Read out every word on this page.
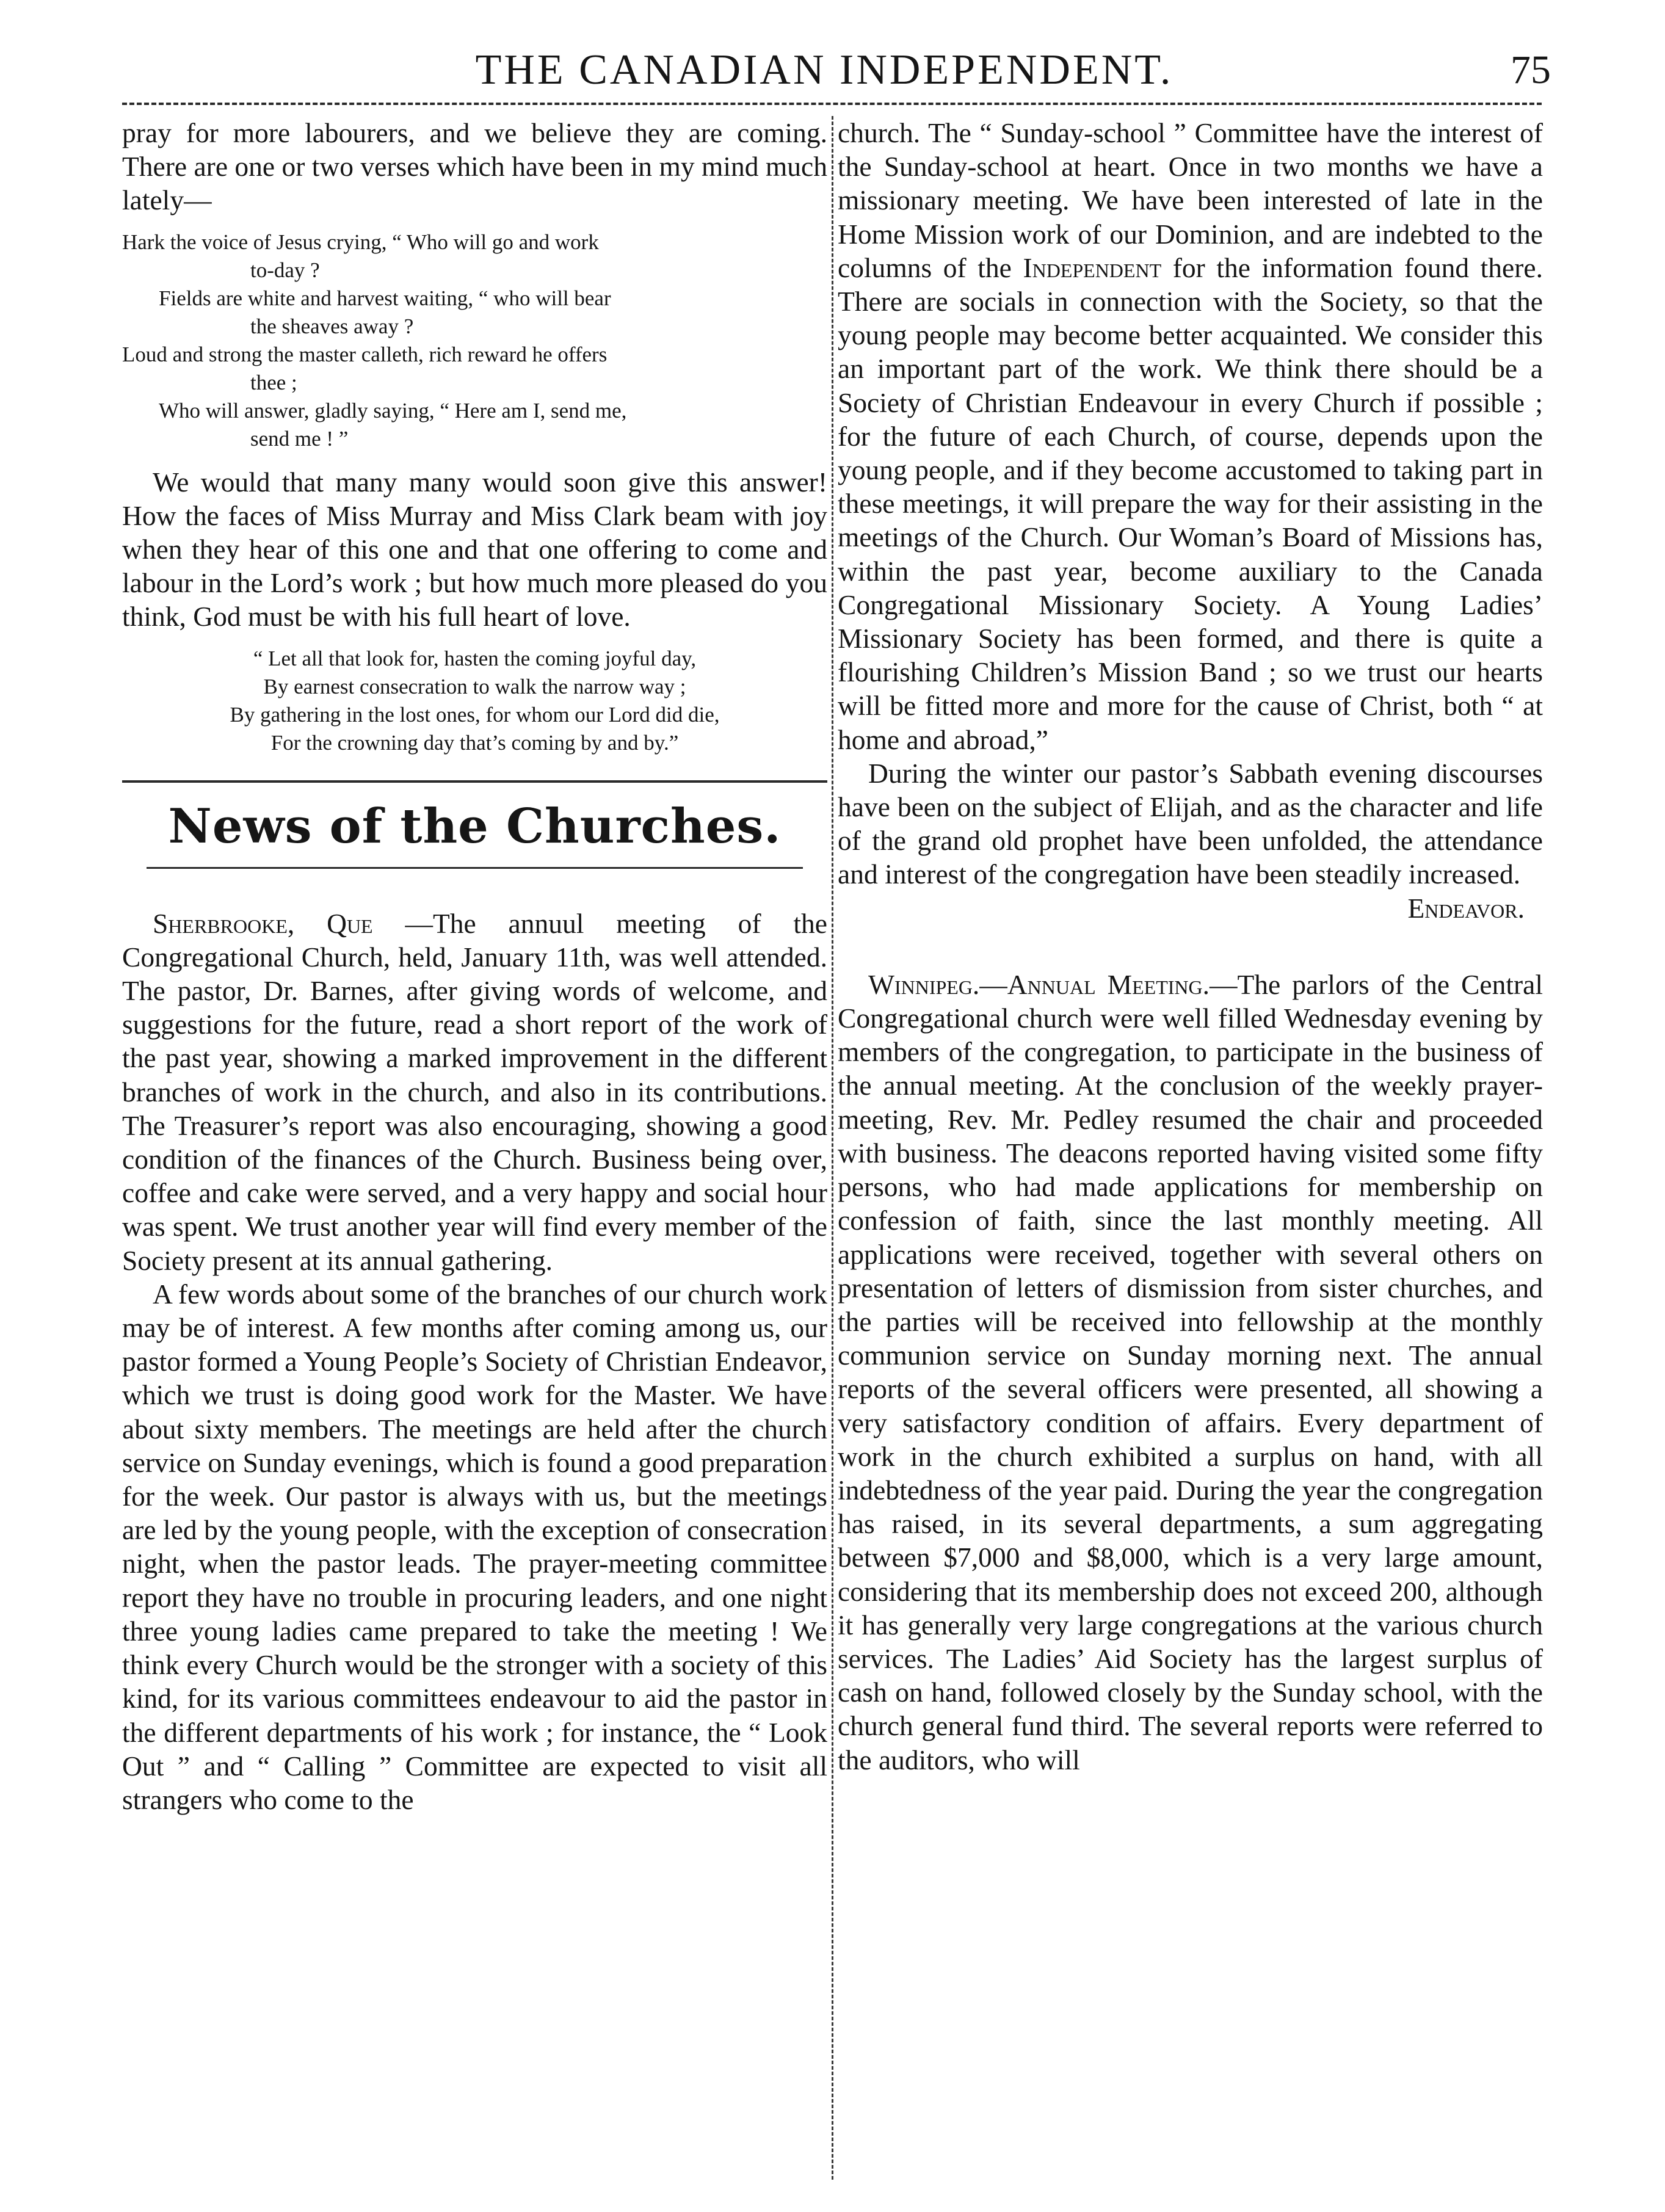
THE CANADIAN INDEPENDENT.	75

pray for more labourers, and we believe they are coming. There are one or two verses which have been in my mind much lately—

Hark the voice of Jesus crying, “ Who will go and work
to-day ?
Fields are white and harvest waiting, “ who will bear
the sheaves away ?
Loud and strong the master calleth, rich reward he offers
thee ;
Who will answer, gladly saying, “ Here am I, send me,
send me ! ”

We would that many many would soon give this answer! How the faces of Miss Murray and Miss Clark beam with joy when they hear of this one and that one offering to come and labour in the Lord’s work ; but how much more pleased do you think, God must be with his full heart of love.

“ Let all that look for, hasten the coming joyful day,
By earnest consecration to walk the narrow way ;
By gathering in the lost ones, for whom our Lord did die,
For the crowning day that’s coming by and by.”
News of the Churches.

Sherbrooke, Que —The annuul meeting of the Congregational Church, held, January 11th, was well attended. The pastor, Dr. Barnes, after giving words of welcome, and suggestions for the future, read a short report of the work of the past year, showing a marked improvement in the different branches of work in the church, and also in its contributions. The Treasurer’s report was also encouraging, showing a good condition of the finances of the Church. Business being over, coffee and cake were served, and a very happy and social hour was spent. We trust another year will find every member of the Society present at its annual gathering.

A few words about some of the branches of our church work may be of interest. A few months after coming among us, our pastor formed a Young People’s Society of Christian Endeavor, which we trust is doing good work for the Master. We have about sixty members. The meetings are held after the church service on Sunday evenings, which is found a good preparation for the week. Our pastor is always with us, but the meetings are led by the young people, with the exception of consecration night, when the pastor leads. The prayer-meeting committee report they have no trouble in procuring leaders, and one night three young ladies came prepared to take the meeting ! We think every Church would be the stronger with a society of this kind, for its various committees endeavour to aid the pastor in the different departments of his work ; for instance, the “ Look Out ” and “ Calling ” Committee are expected to visit all strangers who come to the

church. The “ Sunday-school ” Committee have the interest of the Sunday-school at heart. Once in two months we have a missionary meeting. We have been interested of late in the Home Mission work of our Dominion, and are indebted to the columns of the Independent for the information found there. There are socials in connection with the Society, so that the young people may become better acquainted. We consider this an important part of the work. We think there should be a Society of Christian Endeavour in every Church if possible ; for the future of each Church, of course, depends upon the young people, and if they become accustomed to taking part in these meetings, it will prepare the way for their assisting in the meetings of the Church. Our Woman’s Board of Missions has, within the past year, become auxiliary to the Canada Congregational Missionary Society. A Young Ladies’ Missionary Society has been formed, and there is quite a flourishing Children’s Mission Band ; so we trust our hearts will be fitted more and more for the cause of Christ, both “ at home and abroad,”

During the winter our pastor’s Sabbath evening discourses have been on the subject of Elijah, and as the character and life of the grand old prophet have been unfolded, the attendance and interest of the congregation have been steadily increased.

Endeavor.

Winnipeg.—Annual Meeting.—The parlors of the Central Congregational church were well filled Wednesday evening by members of the congregation, to participate in the business of the annual meeting. At the conclusion of the weekly prayer-meeting, Rev. Mr. Pedley resumed the chair and proceeded with business. The deacons reported having visited some fifty persons, who had made applications for membership on confession of faith, since the last monthly meeting. All applications were received, together with several others on presentation of letters of dismission from sister churches, and the parties will be received into fellowship at the monthly communion service on Sunday morning next. The annual reports of the several officers were presented, all showing a very satisfactory condition of affairs. Every department of work in the church exhibited a surplus on hand, with all indebtedness of the year paid. During the year the congregation has raised, in its several departments, a sum aggregating between $7,000 and $8,000, which is a very large amount, considering that its membership does not exceed 200, although it has generally very large congregations at the various church services. The Ladies’ Aid Society has the largest surplus of cash on hand, followed closely by the Sunday school, with the church general fund third. The several reports were referred to the auditors, who will
